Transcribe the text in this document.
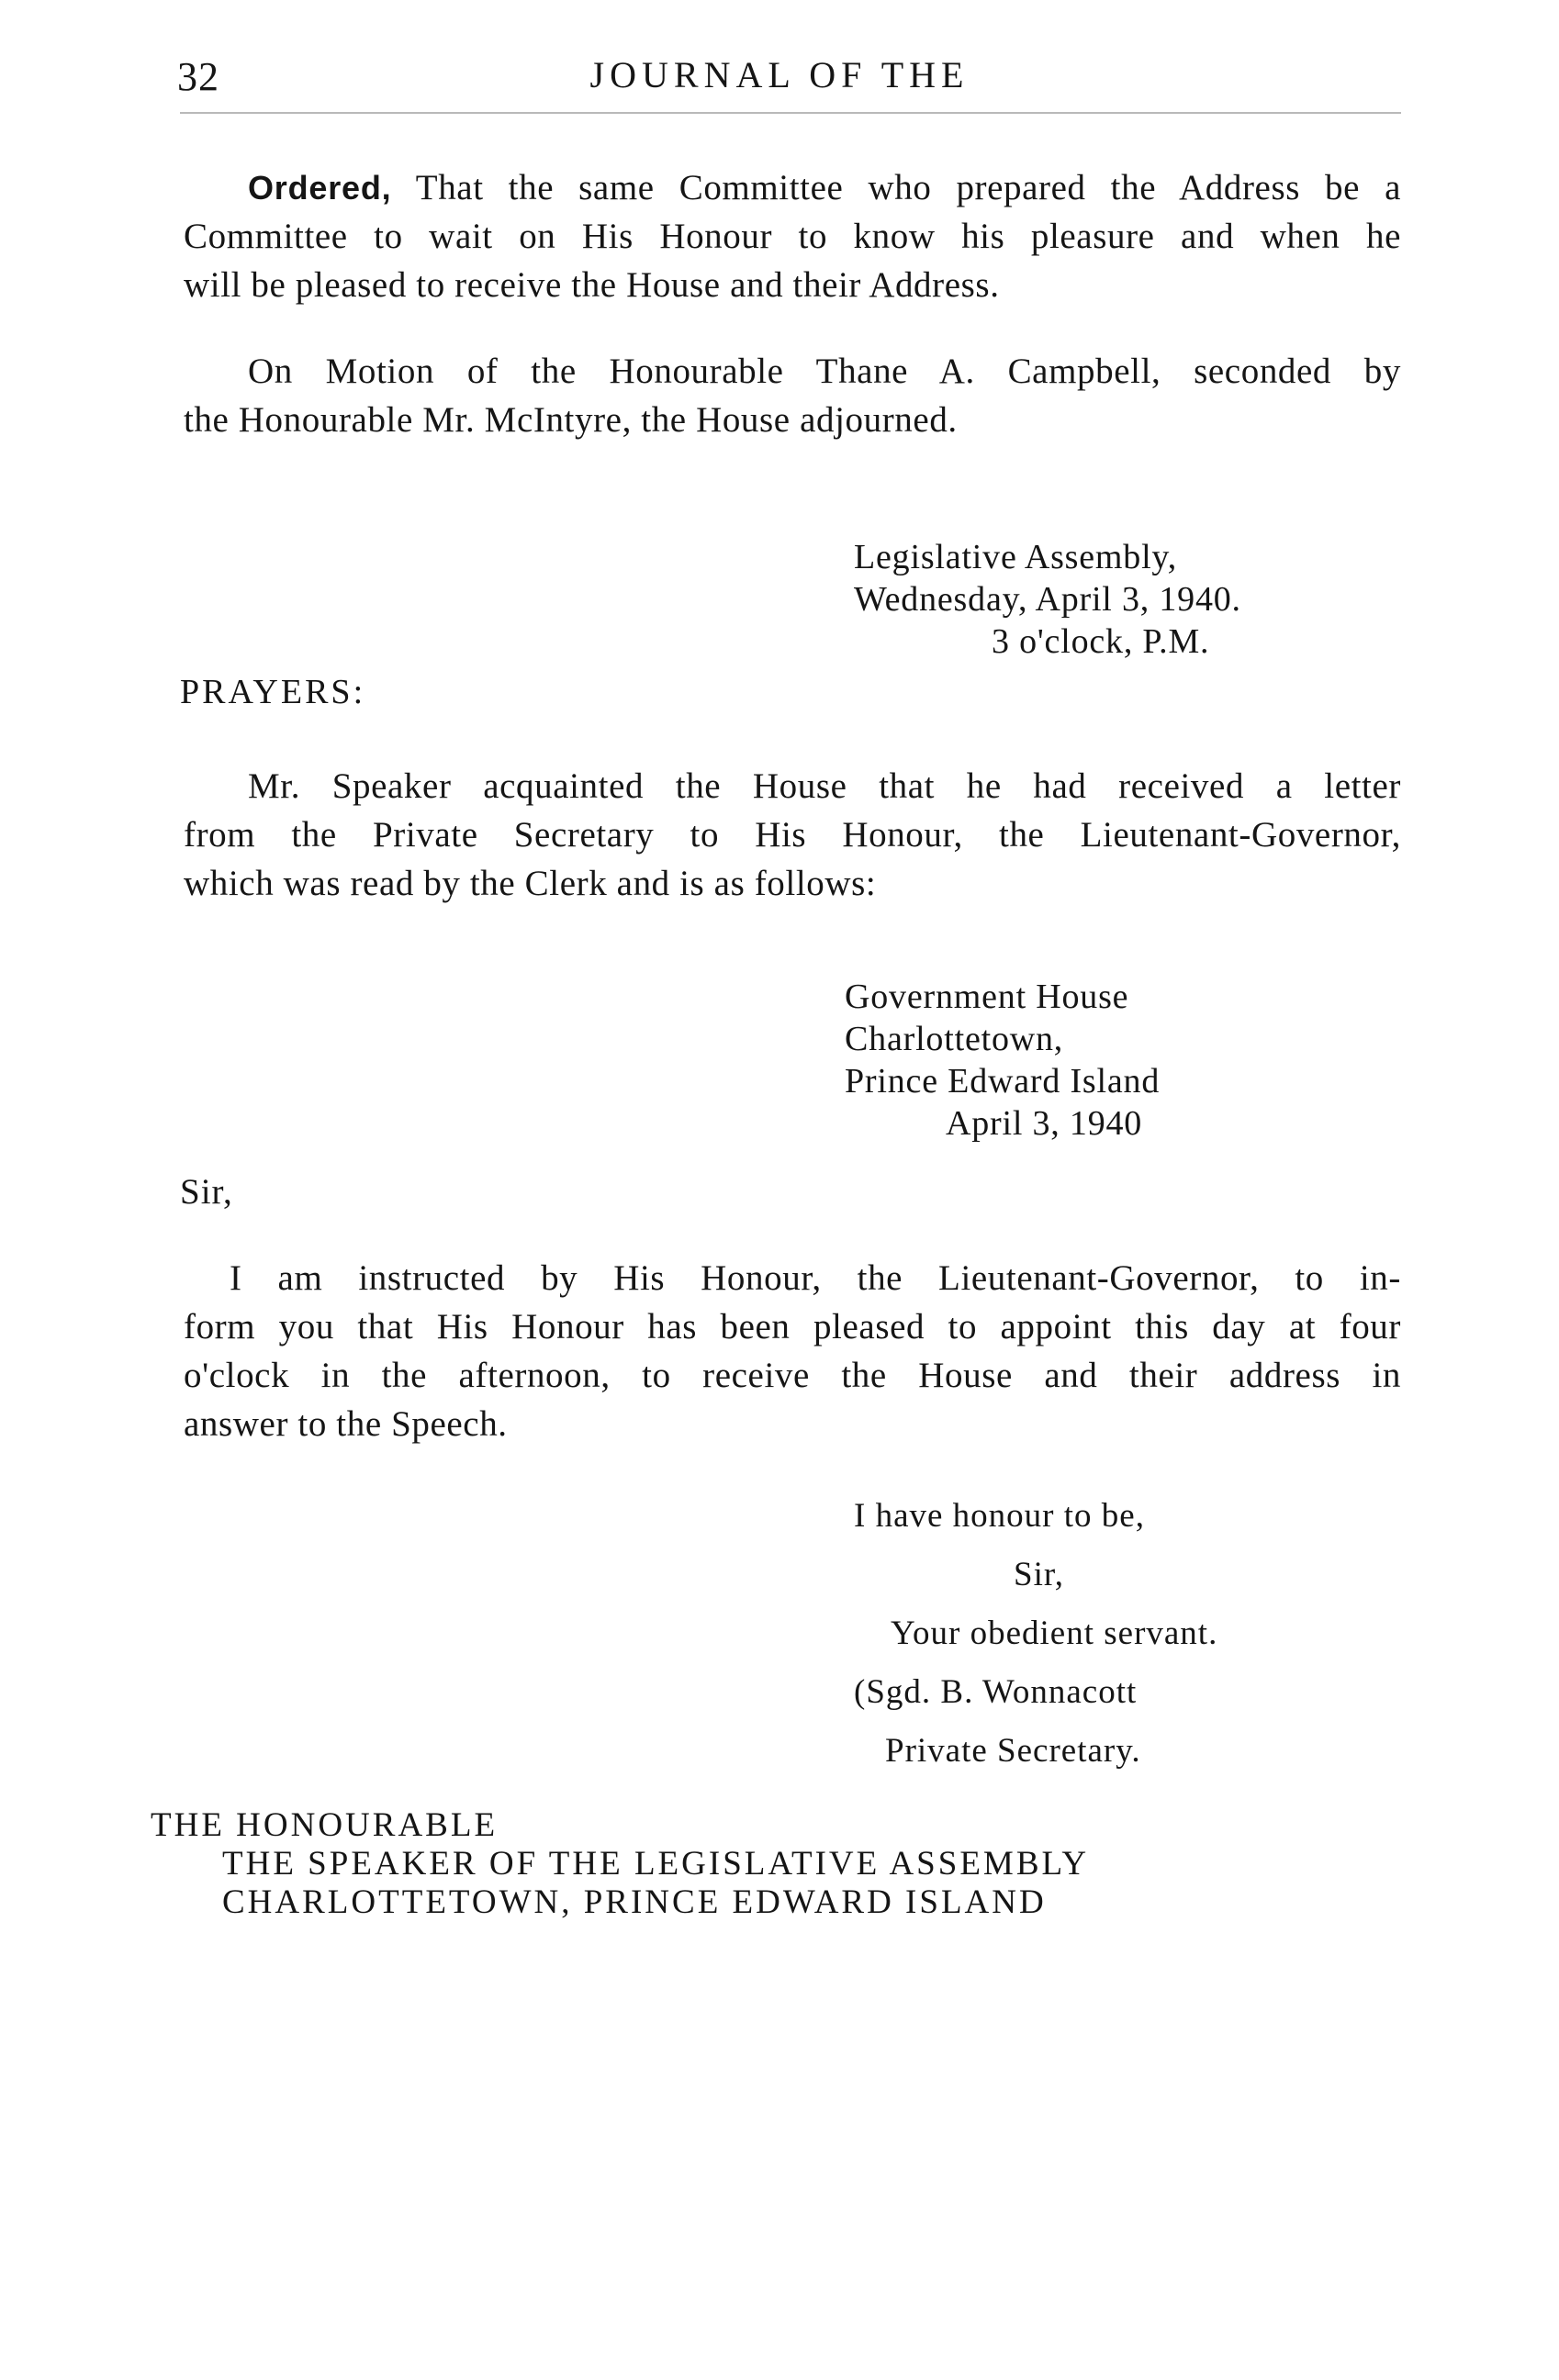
32	JOURNAL OF THE
Ordered, That the same Committee who prepared the Address be a
Committee to wait on His Honour to know his pleasure and when he
will be pleased to receive the House and their Address.
On Motion of the Honourable Thane A. Campbell, seconded by
the Honourable Mr. McIntyre, the House adjourned.
Legislative Assembly,
Wednesday, April 3, 1940.
3 o'clock, P.M.
PRAYERS:
Mr. Speaker acquainted the House that he had received a letter
from the Private Secretary to His Honour, the Lieutenant-Governor,
which was read by the Clerk and is as follows:
Government House
Charlottetown,
Prince Edward Island
April 3, 1940
Sir,
I am instructed by His Honour, the Lieutenant-Governor, to in-
form you that His Honour has been pleased to appoint this day at four
o'clock in the afternoon, to receive the House and their address in
answer to the Speech.
I have honour to be,
Sir,
Your obedient servant.
(Sgd. B. Wonnacott
Private Secretary.
THE HONOURABLE
THE SPEAKER OF THE LEGISLATIVE ASSEMBLY
CHARLOTTETOWN, PRINCE EDWARD ISLAND
